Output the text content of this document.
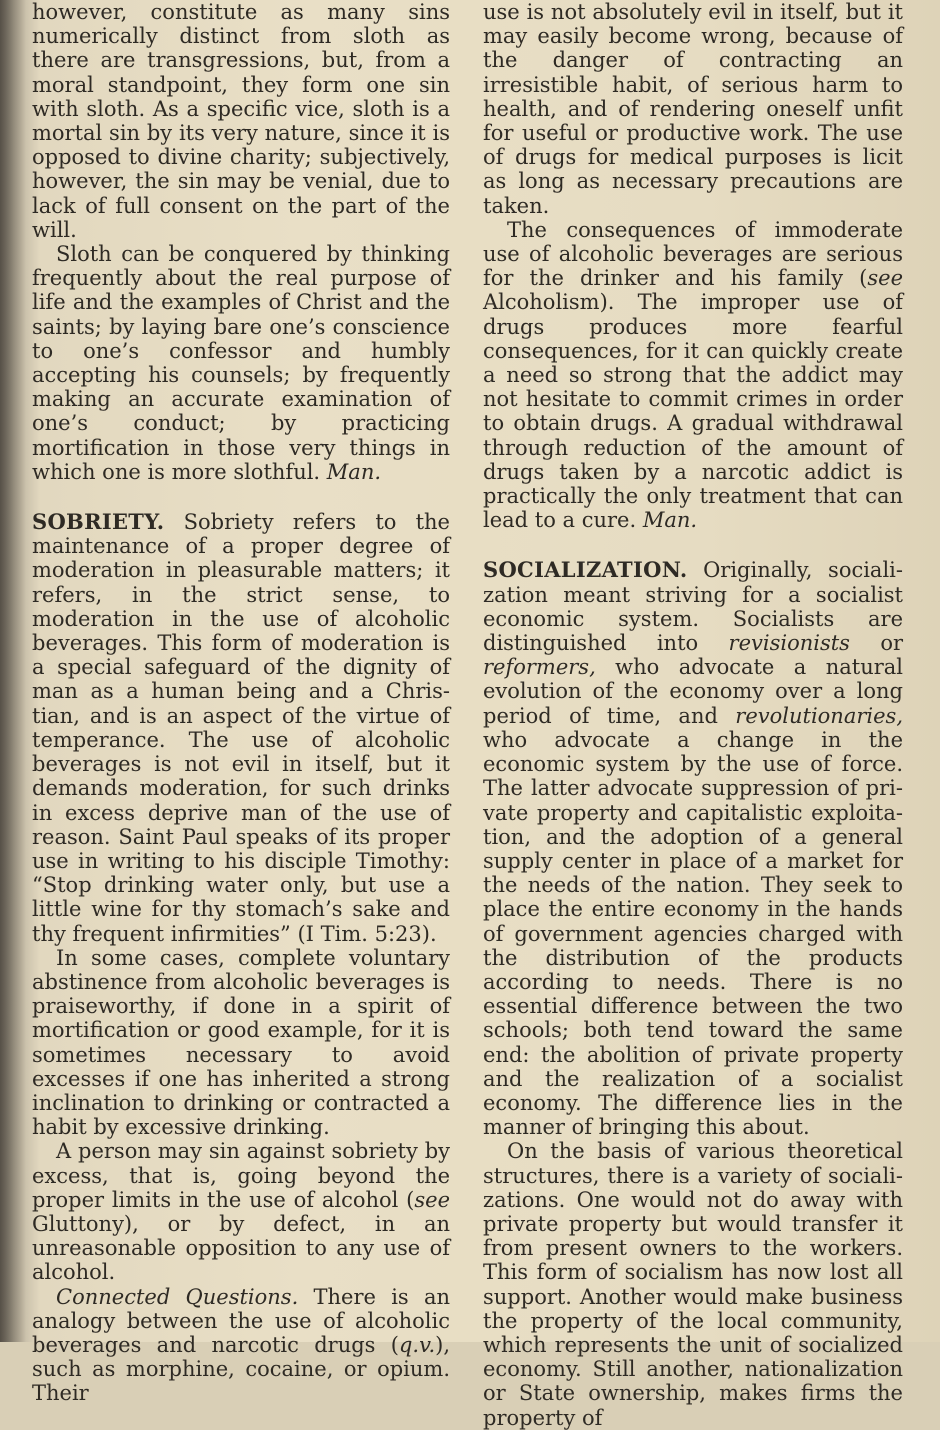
however, constitute as many sins numerically distinct from sloth as there are transgressions, but, from a moral standpoint, they form one sin with sloth. As a specific vice, sloth is a mortal sin by its very nature, since it is opposed to divine charity; subjectively, however, the sin may be venial, due to lack of full consent on the part of the will.

Sloth can be conquered by thinking frequently about the real purpose of life and the examples of Christ and the saints; by laying bare one’s conscience to one’s confessor and humbly accepting his counsels; by frequently making an accurate examination of one’s conduct; by practicing mortification in those very things in which one is more slothful. Man.

SOBRIETY. Sobriety refers to the maintenance of a proper degree of moderation in pleasurable matters; it refers, in the strict sense, to moderation in the use of alcoholic beverages. This form of moderation is a special safeguard of the dignity of man as a human being and a Christian, and is an aspect of the virtue of temperance. The use of alcoholic beverages is not evil in itself, but it demands moderation, for such drinks in excess deprive man of the use of reason. Saint Paul speaks of its proper use in writing to his disciple Timothy: “Stop drinking water only, but use a little wine for thy stomach’s sake and thy frequent infirmities” (I Tim. 5:23).

In some cases, complete voluntary abstinence from alcoholic beverages is praiseworthy, if done in a spirit of mortification or good example, for it is sometimes necessary to avoid excesses if one has inherited a strong inclination to drinking or contracted a habit by excessive drinking.

A person may sin against sobriety by excess, that is, going beyond the proper limits in the use of alcohol (see Gluttony), or by defect, in an unreasonable opposition to any use of alcohol.

Connected Questions. There is an analogy between the use of alcoholic beverages and narcotic drugs (q.v.), such as morphine, cocaine, or opium. Their

use is not absolutely evil in itself, but it may easily become wrong, because of the danger of contracting an irresistible habit, of serious harm to health, and of rendering oneself unfit for useful or productive work. The use of drugs for medical purposes is licit as long as necessary precautions are taken.

The consequences of immoderate use of alcoholic beverages are serious for the drinker and his family (see Alcoholism). The improper use of drugs produces more fearful consequences, for it can quickly create a need so strong that the addict may not hesitate to commit crimes in order to obtain drugs. A gradual withdrawal through reduction of the amount of drugs taken by a narcotic addict is practically the only treatment that can lead to a cure. Man.

SOCIALIZATION. Originally, socialization meant striving for a socialist economic system. Socialists are distinguished into revisionists or reformers, who advocate a natural evolution of the economy over a long period of time, and revolutionaries, who advocate a change in the economic system by the use of force. The latter advocate suppression of private property and capitalistic exploitation, and the adoption of a general supply center in place of a market for the needs of the nation. They seek to place the entire economy in the hands of government agencies charged with the distribution of the products according to needs. There is no essential difference between the two schools; both tend toward the same end: the abolition of private property and the realization of a socialist economy. The difference lies in the manner of bringing this about.

On the basis of various theoretical structures, there is a variety of socializations. One would not do away with private property but would transfer it from present owners to the workers. This form of socialism has now lost all support. Another would make business the property of the local community, which represents the unit of socialized economy. Still another, nationalization or State ownership, makes firms the property of
